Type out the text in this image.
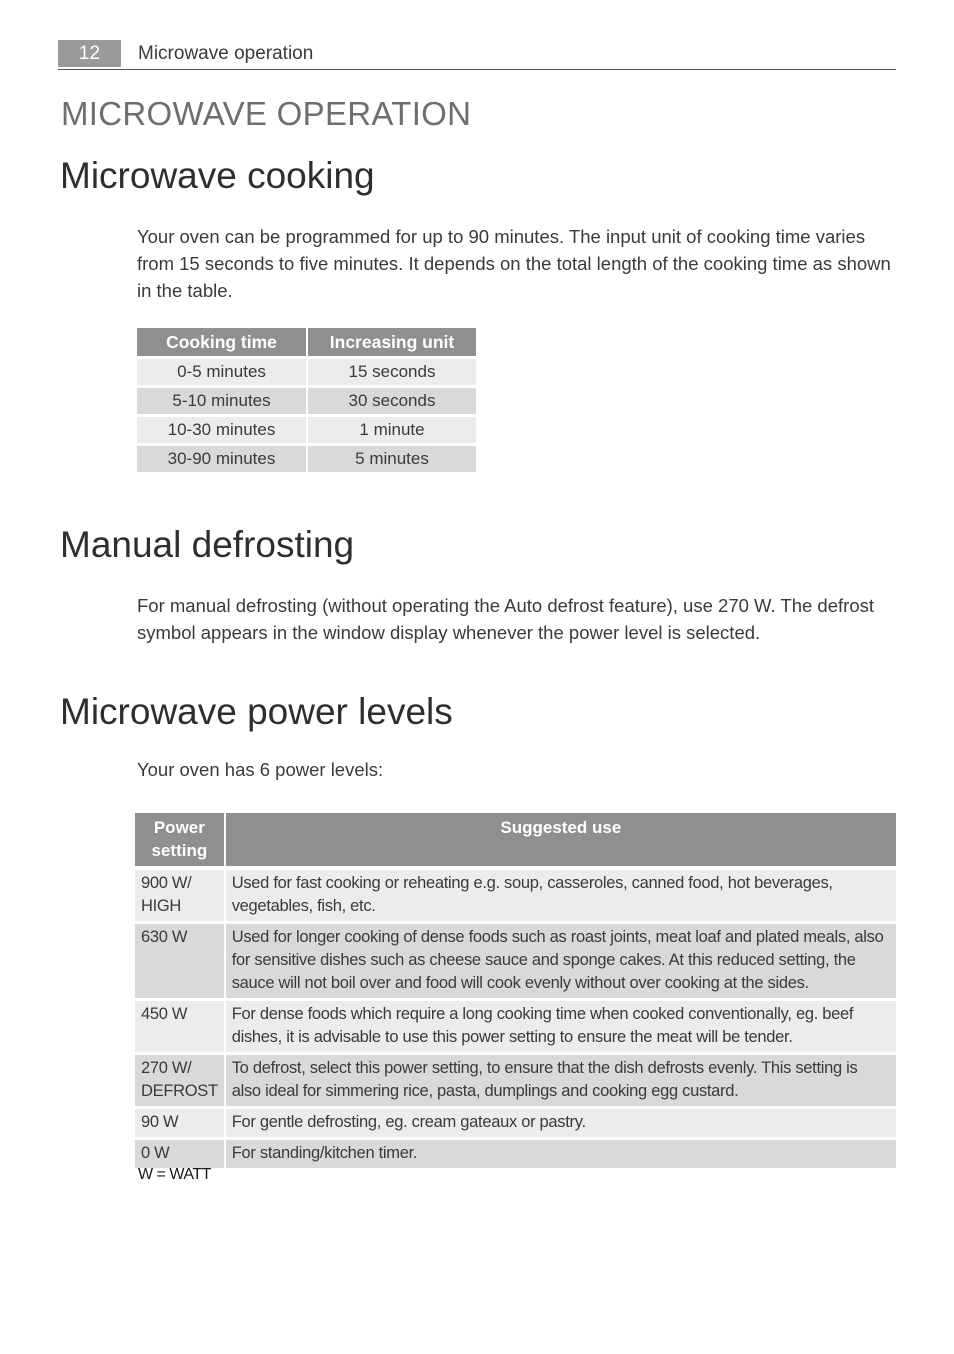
12	Microwave operation
MICROWAVE OPERATION
Microwave cooking

Your oven can be programmed for up to 90 minutes. The input unit of cooking time varies from 15 seconds to five minutes. It depends on the total length of the cooking time as shown in the table.

Cooking time	Increasing unit
0-5 minutes	15 seconds
5-10 minutes	30 seconds
10-30 minutes	1 minute
30-90 minutes	5 minutes
Manual defrosting

For manual defrosting (without operating the Auto defrost feature), use 270 W. The defrost symbol appears in the window display whenever the power level is selected.

Microwave power levels

Your oven has 6 power levels:

Power setting	Suggested use
900 W/ HIGH	Used for fast cooking or reheating e.g. soup, casseroles, canned food, hot beverages, vegetables, fish, etc.
630 W	Used for longer cooking of dense foods such as roast joints, meat loaf and plated meals, also for sensitive dishes such as cheese sauce and sponge cakes. At this reduced setting, the sauce will not boil over and food will cook evenly without over cooking at the sides.
450 W	For dense foods which require a long cooking time when cooked conventionally, eg. beef dishes, it is advisable to use this power setting to ensure the meat will be tender.
270 W/ DEFROST	To defrost, select this power setting, to ensure that the dish defrosts evenly. This setting is also ideal for simmering rice, pasta, dumplings and cooking egg custard.
90 W	For gentle defrosting, eg. cream gateaux or pastry.
0 W	For standing/kitchen timer.
W = WATT
